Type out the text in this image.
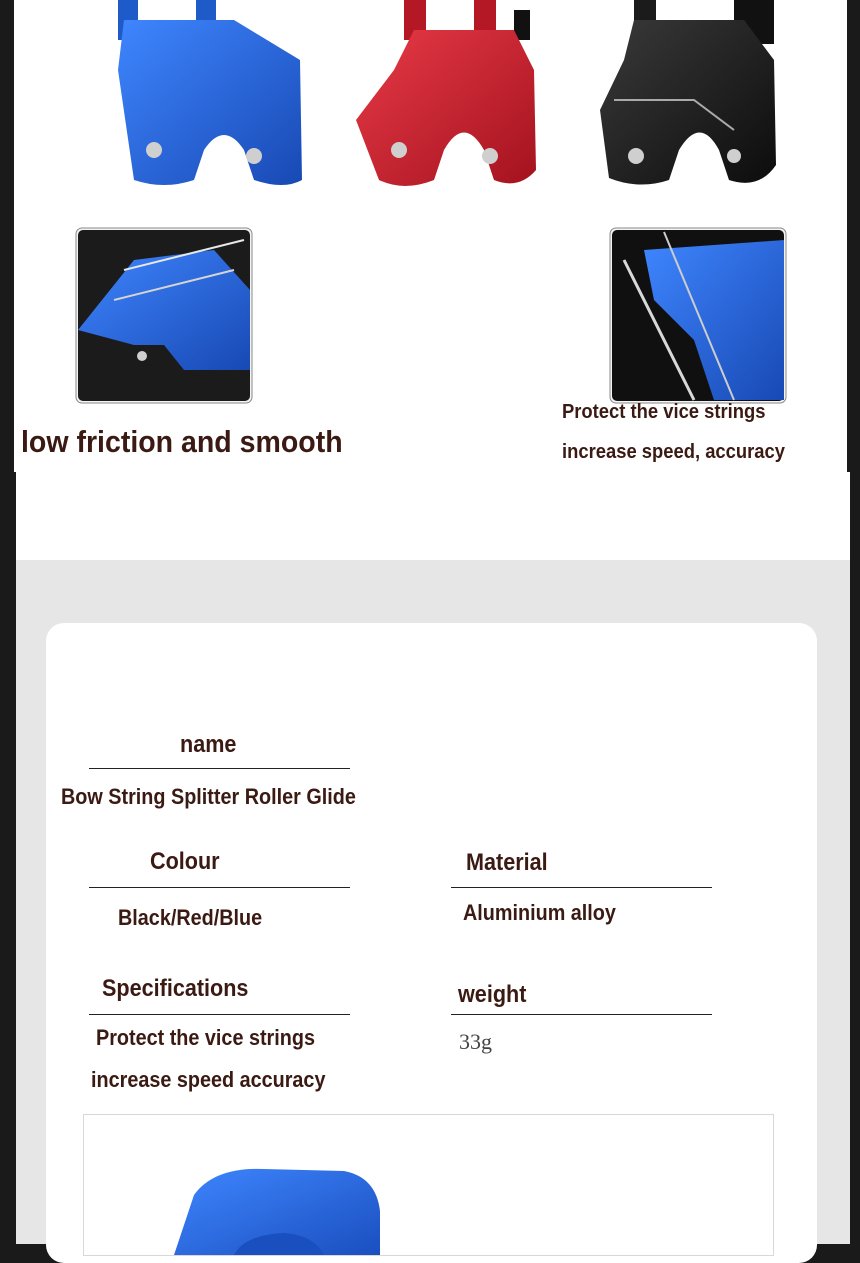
low friction and smooth
Protect the vice strings
increase speed, accuracy
name
Bow String Splitter Roller Glide
Colour
Black/Red/Blue
Material
Aluminium alloy
Specifications
Protect the vice strings
increase speed accuracy
weight
33g
